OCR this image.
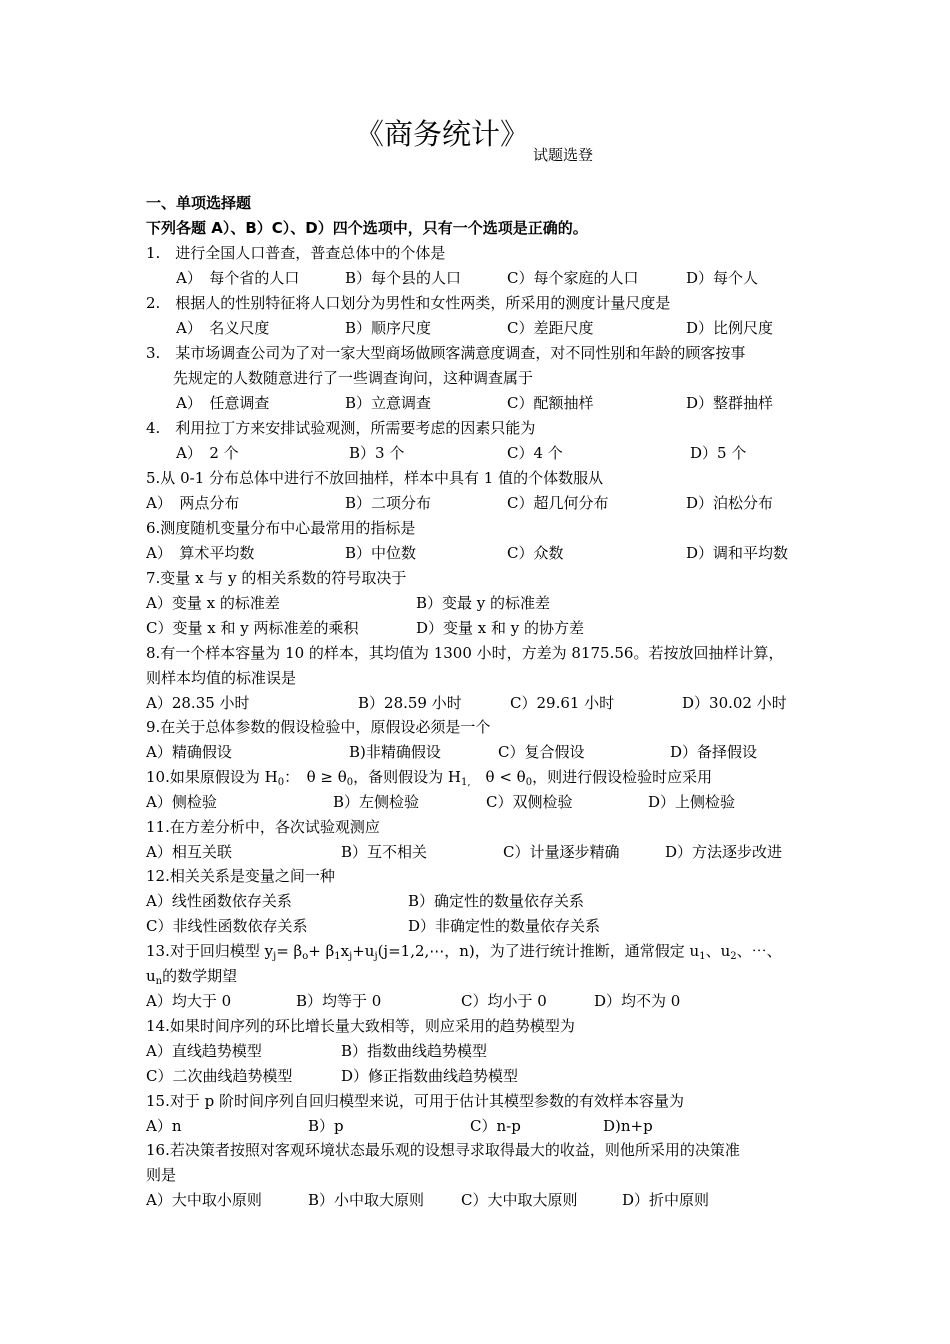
《商务统计》试题选登
一、单项选择题
下列各题 A）、B）C）、D）四个选项中，只有一个选项是正确的。
1.　进行全国人口普查，普查总体中的个体是
A）　每个省的人口	B）每个县的人口	C）每个家庭的人口	D）每个人
2.　根据人的性别特征将人口划分为男性和女性两类，所采用的测度计量尺度是
A）　名义尺度	B）顺序尺度	C）差距尺度	D）比例尺度
3.　某市场调查公司为了对一家大型商场做顾客满意度调查，对不同性别和年龄的顾客按事
先规定的人数随意进行了一些调查询问，这种调查属于
A）　任意调查	B）立意调查	C）配额抽样	D）整群抽样
4.　利用拉丁方来安排试验观测，所需要考虑的因素只能为
A）　2 个	B）3 个	C）4 个	D）5 个
5.从 0-1 分布总体中进行不放回抽样，样本中具有 1 值的个体数服从
A）　两点分布	B）二项分布	C）超几何分布	D）泊松分布
6.测度随机变量分布中心最常用的指标是
A）　算术平均数	B）中位数	C）众数	D）调和平均数
7.变量 x 与 y 的相关系数的符号取决于
A）变量 x 的标准差	B）变最 y 的标准差
C）变量 x 和 y 两标准差的乘积	D）变量 x 和 y 的协方差
8.有一个样本容量为 10 的样本，其均值为 1300 小时，方差为 8175.56。若按放回抽样计算，
则样本均值的标准误是
A）28.35 小时	B）28.59 小时	C）29.61 小时	D）30.02 小时
9.在关于总体参数的假设检验中，原假设必须是一个
A）精确假设	B)非精确假设	C）复合假设	D）备择假设
10.如果原假设为 $H_0$：　$\theta \ge \theta_0$，备则假设为 $H_{1,}$　$\theta < \theta_0$，则进行假设检验时应采用
A）侧检验	B）左侧检验	C）双侧检验	D）上侧检验
11.在方差分析中，各次试验观测应
A）相互关联	B）互不相关	C）计量逐步精确	D）方法逐步改进
12.相关关系是变量之间一种
A）线性函数依存关系	B）确定性的数量依存关系
C）非线性函数依存关系	D）非确定性的数量依存关系
13.对于回归模型 $y_j= \beta_o+$ $\beta_1x_j+u_j(j=1,2,\cdots$，n)，为了进行统计推断，通常假定 $u_1$、$u_2$、⋯、
$u_n$的数学期望
A）均大于 0	B）均等于 0	C）均小于 0	D）均不为 0
14.如果时间序列的环比增长量大致相等，则应采用的趋势模型为
A）直线趋势模型	B）指数曲线趋势模型
C）二次曲线趋势模型	D）修正指数曲线趋势模型
15.对于 p 阶时间序列自回归模型来说，可用于估计其模型参数的有效样本容量为
A）n	B）p	C）n-p	D)n+p
16.若决策者按照对客观环境状态最乐观的设想寻求取得最大的收益，则他所采用的决策准
则是
A）大中取小原则	B）小中取大原则 C）大中取大原则	D）折中原则
